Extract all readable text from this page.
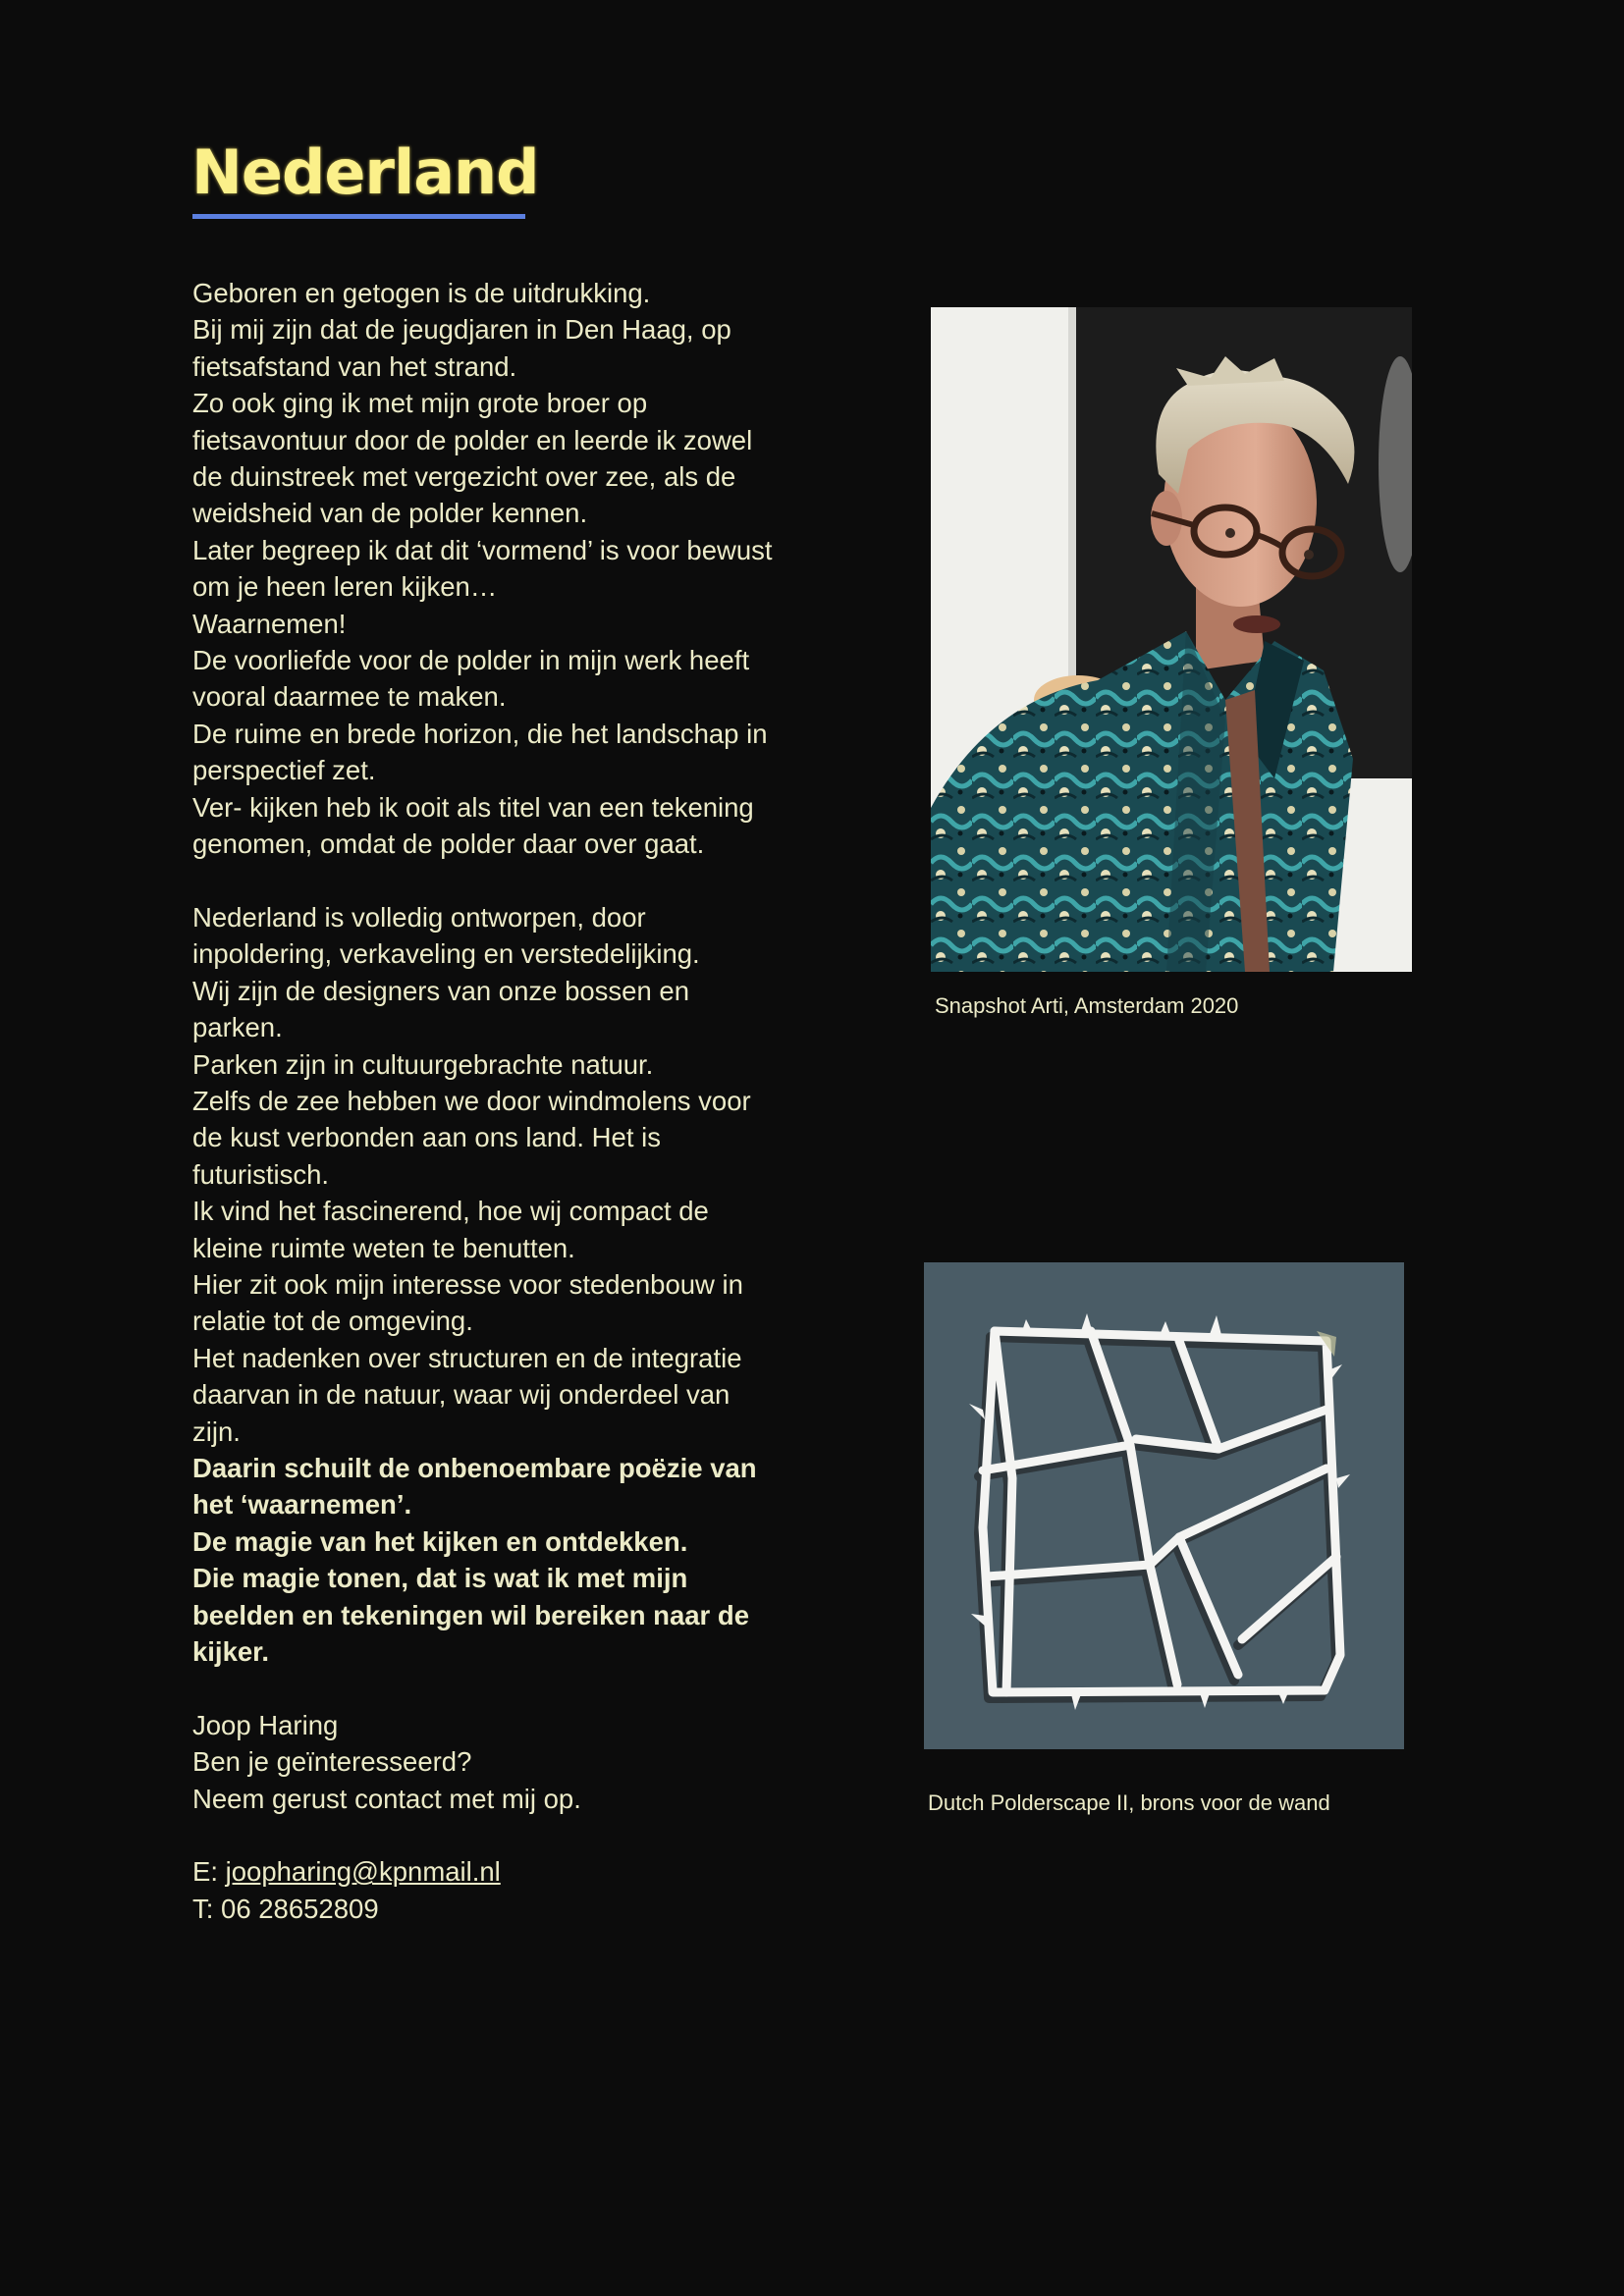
Nederland

Geboren en getogen is de uitdrukking.

Bij mij zijn dat de jeugdjaren in Den Haag, op fietsafstand van het strand.

Zo ook ging ik met mijn grote broer op fietsavontuur door de polder en leerde ik zowel de duinstreek met vergezicht over zee, als de weidsheid van de polder kennen.

Later begreep ik dat dit ‘vormend’ is voor bewust om je heen leren kijken…

Waarnemen!

De voorliefde voor de polder in mijn werk heeft vooral daarmee te maken.

De ruime en brede horizon, die het landschap in perspectief zet.

Ver- kijken heb ik ooit als titel van een tekening genomen, omdat de polder daar over gaat.

Nederland is volledig ontworpen, door inpoldering, verkaveling en verstedelijking.

Wij zijn de designers van onze bossen en parken.

Parken zijn in cultuurgebrachte natuur.

Zelfs de zee hebben we door windmolens voor de kust verbonden aan ons land. Het is futuristisch.

Ik vind het fascinerend, hoe wij compact de kleine ruimte weten te benutten.

Hier zit ook mijn interesse voor stedenbouw in relatie tot de omgeving.

Het nadenken over structuren en de integratie daarvan in de natuur, waar wij onderdeel van zijn.

Daarin schuilt de onbenoembare poëzie van het ‘waarnemen’.

De magie van het kijken en ontdekken.

Die magie tonen, dat is wat ik met mijn beelden en tekeningen wil bereiken naar de kijker.

Joop Haring

Ben je geïnteresseerd?

Neem gerust contact met mij op.

E: joopharing@kpnmail.nl

T: 06 28652809

Snapshot Arti, Amsterdam 2020
Dutch Polderscape II, brons voor de wand
